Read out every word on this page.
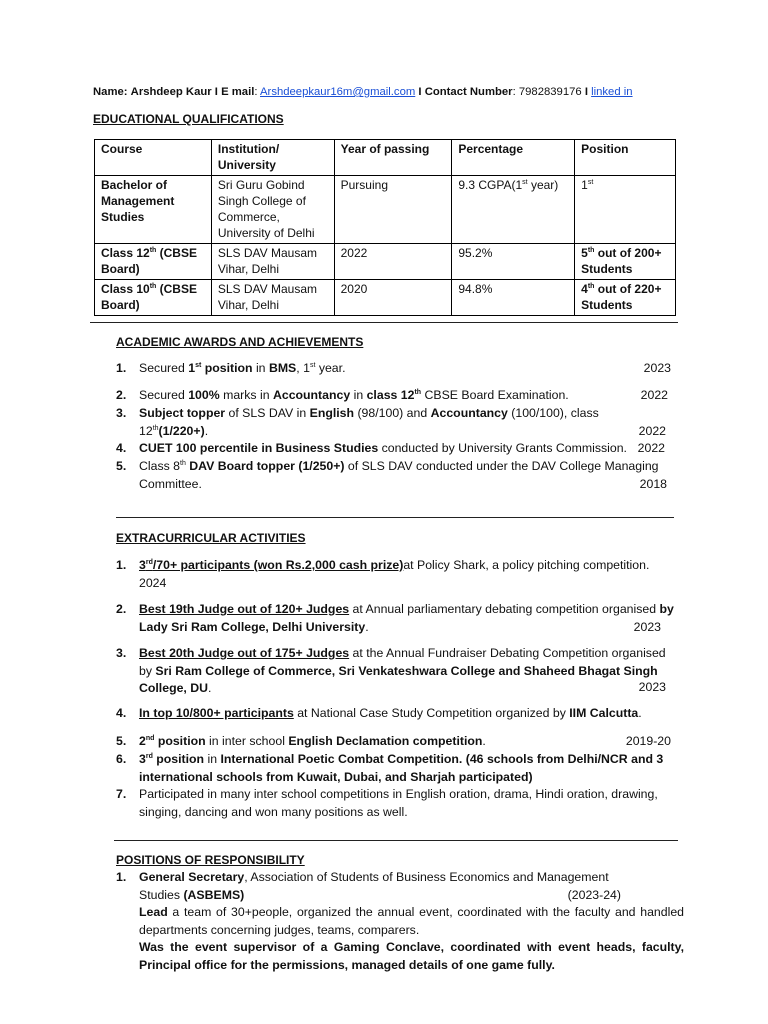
Name: Arshdeep Kaur I E mail: Arshdeepkaur16m@gmail.com I Contact Number: 7982839176 I linked in
EDUCATIONAL QUALIFICATIONS
Course	Institution/ University	Year of passing	Percentage	Position
Bachelor of Management Studies	Sri Guru Gobind Singh College of Commerce, University of Delhi	Pursuing	9.3 CGPA(1st year)	1st
Class 12th (CBSE Board)	SLS DAV Mausam Vihar, Delhi	2022	95.2%	5th out of 200+ Students
Class 10th (CBSE Board)	SLS DAV Mausam Vihar, Delhi	2020	94.8%	4th out of 220+ Students
ACADEMIC AWARDS AND ACHIEVEMENTS
1. Secured 1st position in BMS, 1st year.	2023
2. Secured 100% marks in Accountancy in class 12th CBSE Board Examination.	2022
3. Subject topper of SLS DAV in English (98/100) and Accountancy (100/100), class 12th(1/220+).	2022
4. CUET 100 percentile in Business Studies conducted by University Grants Commission. 2022
5. Class 8th DAV Board topper (1/250+) of SLS DAV conducted under the DAV College Managing Committee.	2018
EXTRACURRICULAR ACTIVITIES
1. 3rd/70+ participants (won Rs.2,000 cash prize)at Policy Shark, a policy pitching competition.
2024
2. Best 19th Judge out of 120+ Judges at Annual parliamentary debating competition organised by Lady Sri Ram College, Delhi University.	2023
3. Best 20th Judge out of 175+ Judges at the Annual Fundraiser Debating Competition organised by Sri Ram College of Commerce, Sri Venkateshwara College and Shaheed Bhagat Singh College, DU.	2023
4. In top 10/800+ participants at National Case Study Competition organized by IIM Calcutta.
5. 2nd position in inter school English Declamation competition.	2019-20
6. 3rd position in International Poetic Combat Competition. (46 schools from Delhi/NCR and 3 international schools from Kuwait, Dubai, and Sharjah participated)
7. Participated in many inter school competitions in English oration, drama, Hindi oration, drawing, singing, dancing and won many positions as well.
POSITIONS OF RESPONSIBILITY
1. General Secretary, Association of Students of Business Economics and Management Studies (ASBEMS)	(2023-24)
Lead a team of 30+people, organized the annual event, coordinated with the faculty and handled departments concerning judges, teams, comparers.
Was the event supervisor of a Gaming Conclave, coordinated with event heads, faculty, Principal office for the permissions, managed details of one game fully.
